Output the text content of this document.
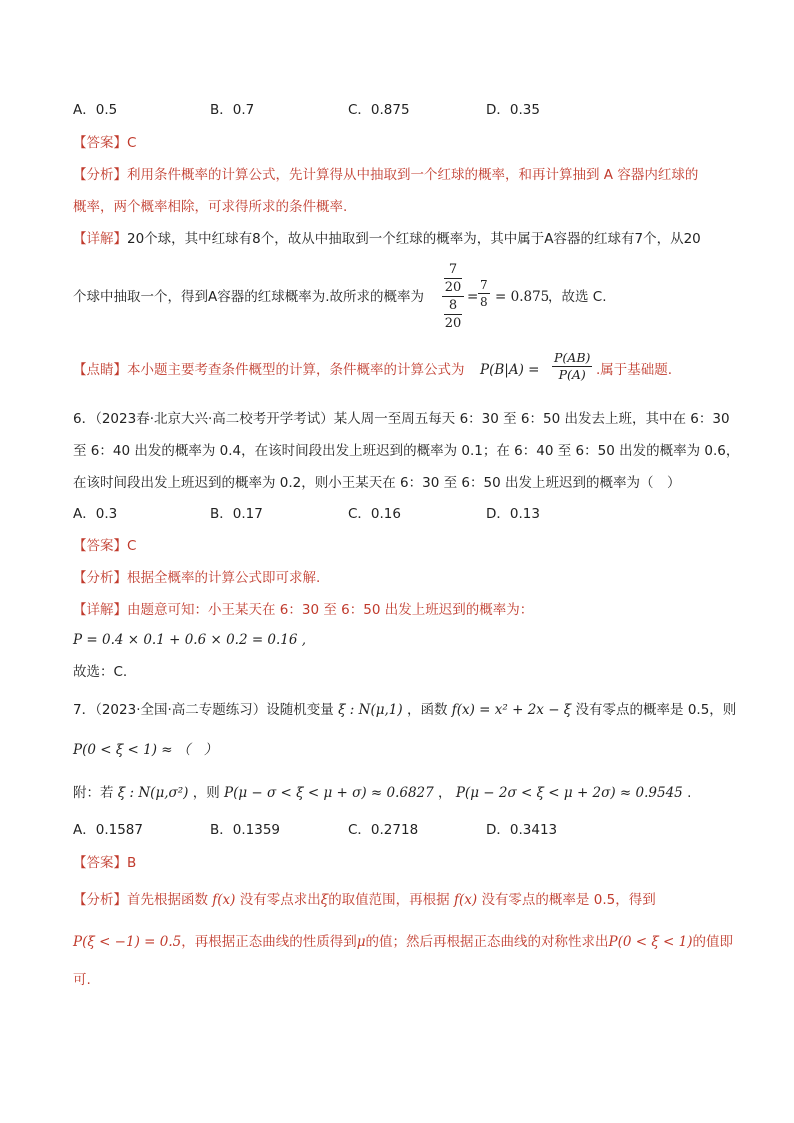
A．0.5	B．0.7	C．0.875	D．0.35
【答案】C
【分析】利用条件概率的计算公式，先计算得从中抽取到一个红球的概率，和再计算抽到 A 容器内红球的
概率，两个概率相除，可求得所求的条件概率.
【详解】20个球，其中红球有8个，故从中抽取到一个红球的概率为，其中属于A容器的红球有7个，从20
个球中抽取一个，得到A容器的红球概率为.故所求的概率为
7
20
8
20
=
7
8 = 0.875
，故选 C.
【点睛】本小题主要考查条件概型的计算，条件概率的计算公式为 P(B|A) =
P(AB)
P(A) .属于基础题.
6．（2023春·北京大兴·高二校考开学考试）某人周一至周五每天 6：30 至 6：50 出发去上班，其中在 6：30
至 6：40 出发的概率为 0.4，在该时间段出发上班迟到的概率为 0.1；在 6：40 至 6：50 出发的概率为 0.6，
在该时间段出发上班迟到的概率为 0.2，则小王某天在 6：30 至 6：50 出发上班迟到的概率为（　）
A．0.3	B．0.17	C．0.16	D．0.13
【答案】C
【分析】根据全概率的计算公式即可求解.
【详解】由题意可知：小王某天在 6：30 至 6：50 出发上班迟到的概率为：
P = 0.4 × 0.1 + 0.6 × 0.2 = 0.16 ,
故选：C.
7．（2023·全国·高二专题练习）设随机变量 ξ : N(μ,1) ，函数 f(x) = x² + 2x − ξ 没有零点的概率是 0.5，则
P(0 < ξ < 1) ≈ （　）
附：若 ξ : N(μ,σ²) ，则 P(μ − σ < ξ < μ + σ) ≈ 0.6827 ， P(μ − 2σ < ξ < μ + 2σ) ≈ 0.9545 .
A．0.1587	B．0.1359	C．0.2718	D．0.3413
【答案】B
【分析】首先根据函数 f(x) 没有零点求出ξ的取值范围，再根据 f(x) 没有零点的概率是 0.5，得到
P(ξ < −1) = 0.5，再根据正态曲线的性质得到μ的值；然后再根据正态曲线的对称性求出P(0 < ξ < 1)的值即
可.
